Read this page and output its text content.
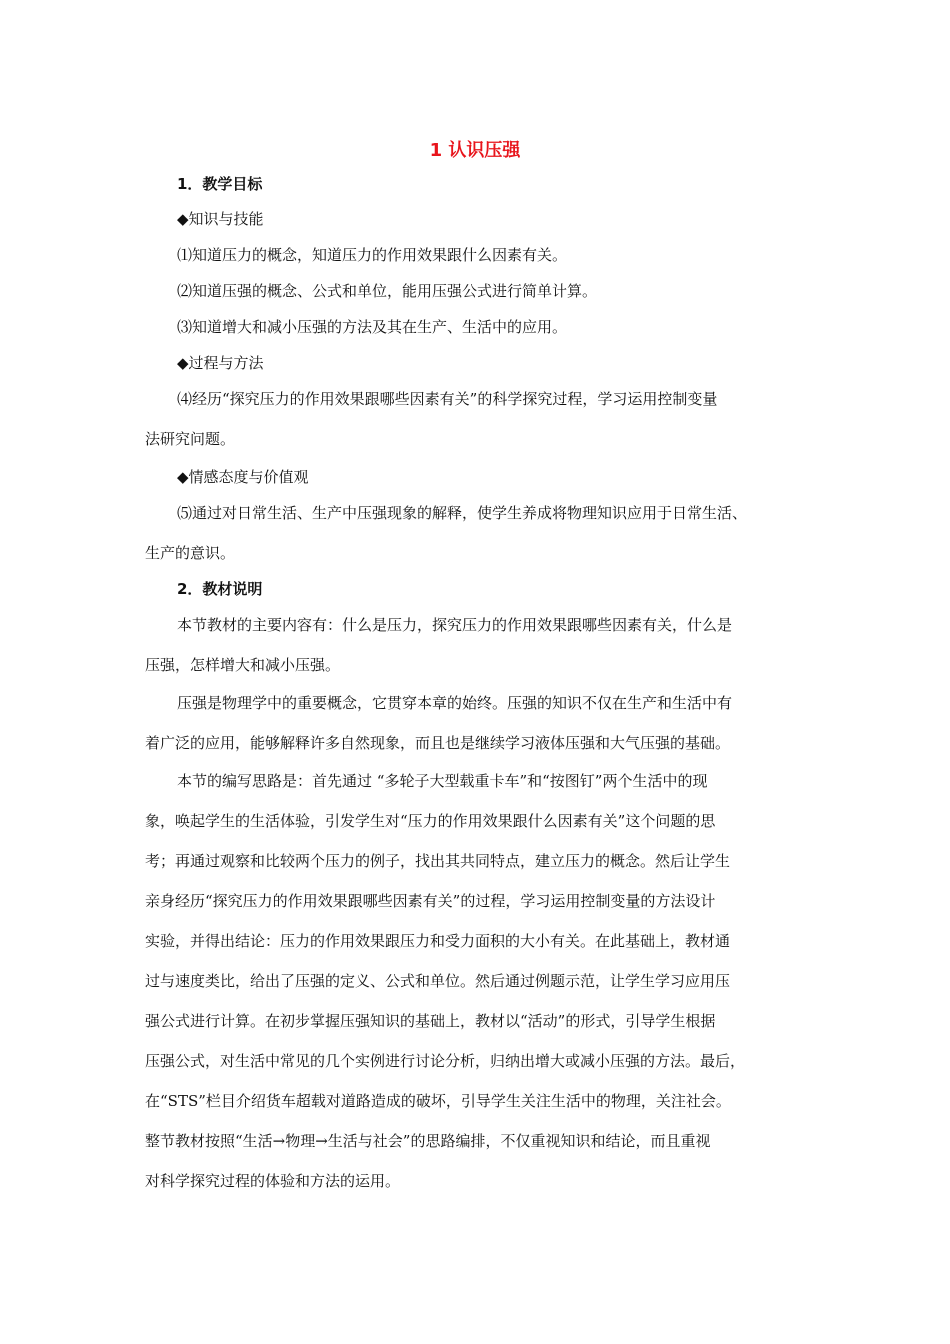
1 认识压强
1．教学目标
◆知识与技能
⑴知道压力的概念，知道压力的作用效果跟什么因素有关。
⑵知道压强的概念、公式和单位，能用压强公式进行简单计算。
⑶知道增大和减小压强的方法及其在生产、生活中的应用。
◆过程与方法
⑷经历“探究压力的作用效果跟哪些因素有关”的科学探究过程，学习运用控制变量
法研究问题。
◆情感态度与价值观
⑸通过对日常生活、生产中压强现象的解释，使学生养成将物理知识应用于日常生活、
生产的意识。
2．教材说明
本节教材的主要内容有：什么是压力，探究压力的作用效果跟哪些因素有关，什么是
压强，怎样增大和减小压强。
压强是物理学中的重要概念，它贯穿本章的始终。压强的知识不仅在生产和生活中有
着广泛的应用，能够解释许多自然现象，而且也是继续学习液体压强和大气压强的基础。
本节的编写思路是：首先通过 “多轮子大型载重卡车”和“按图钉”两个生活中的现
象，唤起学生的生活体验，引发学生对“压力的作用效果跟什么因素有关”这个问题的思
考；再通过观察和比较两个压力的例子，找出其共同特点，建立压力的概念。然后让学生
亲身经历“探究压力的作用效果跟哪些因素有关”的过程，学习运用控制变量的方法设计
实验，并得出结论：压力的作用效果跟压力和受力面积的大小有关。在此基础上，教材通
过与速度类比，给出了压强的定义、公式和单位。然后通过例题示范，让学生学习应用压
强公式进行计算。在初步掌握压强知识的基础上，教材以“活动”的形式，引导学生根据
压强公式，对生活中常见的几个实例进行讨论分析，归纳出增大或减小压强的方法。最后，
在“STS”栏目介绍货车超载对道路造成的破坏，引导学生关注生活中的物理，关注社会。
整节教材按照“生活→物理→生活与社会”的思路编排，不仅重视知识和结论，而且重视
对科学探究过程的体验和方法的运用。
